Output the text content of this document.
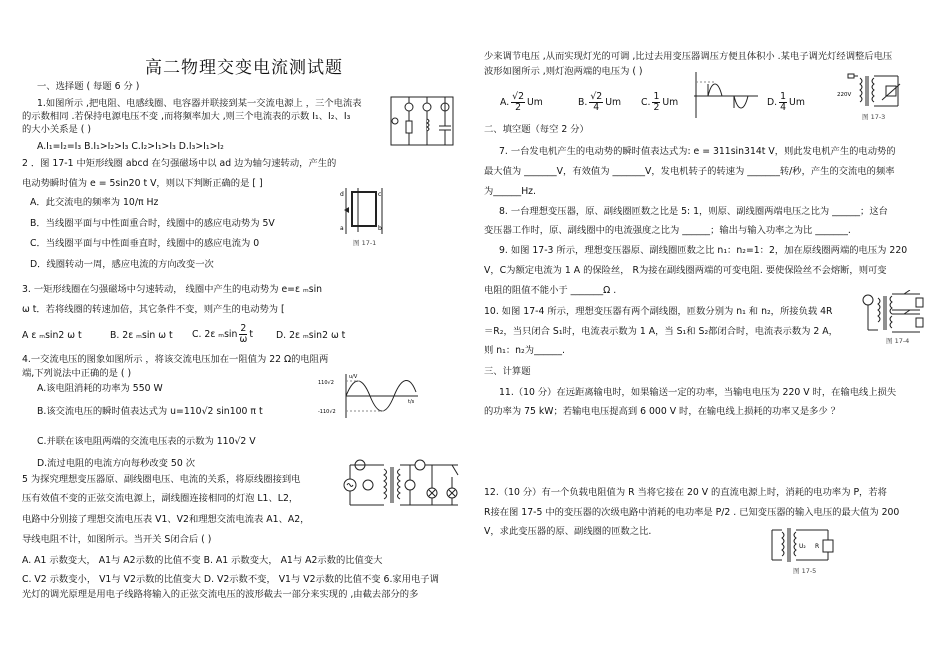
高二物理交变电流测试题
一、选择题 ( 每题 6 分 )
1.如图所示 ,把电阻、电感线圈、电容器并联接到某一交流电源上 ，三个电流表
的示数相同 .若保持电源电压不变 ,而将频率加大 ,则三个电流表的示数 I₁、I₂、I₃
的大小关系是 ( )
A.I₁=I₂=I₃ B.I₁>I₂>I₃ C.I₂>I₁>I₃ D.I₃>I₁>I₂
2 ．图 17-1 中矩形线圈 abcd 在匀强磁场中以 ad 边为轴匀速转动，产生的
电动势瞬时值为 e = 5sin20 t V，则以下判断正确的是 [ ]
A．此交流电的频率为 10/π Hz
B．当线圈平面与中性面重合时，线圈中的感应电动势为 5V
C．当线圈平面与中性面垂直时，线圈中的感应电流为 0
D．线圈转动一周，感应电流的方向改变一次
d	c
a	b
图 17-1
3. 一矩形线圈在匀强磁场中匀速转动， 线圈中产生的电动势为 e=ε ₘsin
ω t．若将线圈的转速加倍，其它条件不变，则产生的电动势为 [
A ε ₘsin2 ω t	B. 2ε ₘsin ω t C. 2ε ₘsin $\frac{2}{\omega}$ t D. 2ε ₘsin2 ω t
4.一交流电压的图象如图所示 ，将该交流电压加在一阻值为 22 Ω的电阻两
端,下列说法中正确的是 ( )
A.该电阻消耗的功率为 550 W
B.该交流电压的瞬时值表达式为 u=110√2 sin100 π t
C.并联在该电阻两端的交流电压表的示数为 110√2 V
D.流过电阻的电流方向每秒改变 50 次
110√2
-110√2
u/V
t/s
5 为探究理想变压器原、副线圈电压、电流的关系，将原线圈接到电
压有效值不变的正弦交流电源上，副线圈连接相同的灯泡 L1、L2，
电路中分别接了理想交流电压表 V1、V2和理想交流电流表 A1、A2，
导线电阻不计，如图所示。当开关 S闭合后 ( )
A. A1 示数变大， A1与 A2示数的比值不变 B. A1 示数变大， A1与 A2示数的比值变大
C. V2 示数变小， V1与 V2示数的比值变大 D. V2示数不变， V1与 V2示数的比值不变 6.家用电子调
光灯的调光原理是用电子线路将输入的正弦交流电压的波形截去一部分来实现的 ,由截去部分的多
少来调节电压 ,从而实现灯光的可调 ,比过去用变压器调压方便且体积小 .某电子调光灯经调整后电压
波形如图所示 ,则灯泡两端的电压为 ( )
A. $\frac{√2}{2}$ Um	B. $\frac{√2}{4}$ Um C. $\frac{1}{2}$ Um	D. $\frac{1}{4}$ Um
220V
图 17-3
二、填空题（每空 2 分）
7. 一台发电机产生的电动势的瞬时值表达式为: e = 311sin314t V，则此发电机产生的电动势的
最大值为 _______V，有效值为 _______V，发电机转子的转速为 _______转/秒，产生的交流电的频率
为______Hz.
8. 一台理想变压器，原、副线圈匝数之比是 5: 1，则原、副线圈两端电压之比为 ______；这台
变压器工作时，原、副线圈中的电流强度之比为 ______；输出与输入功率之为比 _______.
9. 如图 17-3 所示，理想变压器原、副线圈匝数之比 n₁：n₂=1：2，加在原线圈两端的电压为 220
V，C为额定电流为 1 A 的保险丝， R为接在副线圈两端的可变电阻. 要使保险丝不会熔断，则可变
电阻的阻值不能小于 _______Ω .
10. 如图 17-4 所示，理想变压器有两个副线圈，匝数分别为 n₁ 和 n₂，所接负载 4R
＝R₂，当只闭合 S₁时，电流表示数为 1 A，当 S₁和 S₂都闭合时，电流表示数为 2 A，
则 n₁：n₂为______.
图 17-4
三、计算题
11.（10 分）在远距离输电时，如果输送一定的功率，当输电电压为 220 V 时，在输电线上损失
的功率为 75 kW；若输电电压提高到 6 000 V 时，在输电线上损耗的功率又是多少 ？
12.（10 分）有一个负载电阻值为 R 当将它接在 20 V 的直流电源上时，消耗的电功率为 P，若将
R接在图 17-5 中的变压器的次级电路中消耗的电功率是 P/2 . 已知变压器的输入电压的最大值为 200
V，求此变压器的原、副线圈的匝数之比.
U₂ R
图 17-5
